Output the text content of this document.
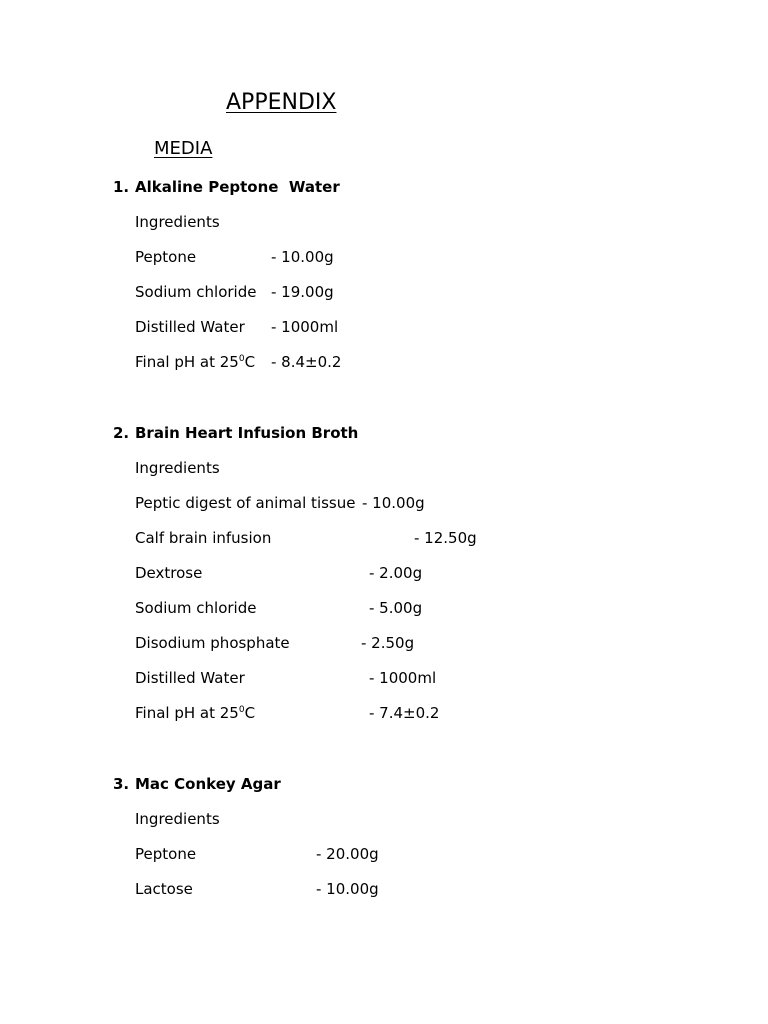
APPENDIX
MEDIA
1. Alkaline Peptone  Water
Ingredients
Peptone	- 10.00g
Sodium chloride - 19.00g
Distilled Water - 1000ml
Final pH at $25^0C - 8.4\pm 0.2$
2. Brain Heart Infusion Broth
Ingredients
Peptic digest of animal tissue - 10.00g
Calf brain infusion	- 12.50g
Dextrose	- 2.00g
Sodium chloride	- 5.00g
Disodium phosphate	- 2.50g
Distilled Water	- 1000ml
Final pH at $25^0C$	- 7.4±0.2
3. Mac Conkey Agar
Ingredients
Peptone	- 20.00g
Lactose	- 10.00g
